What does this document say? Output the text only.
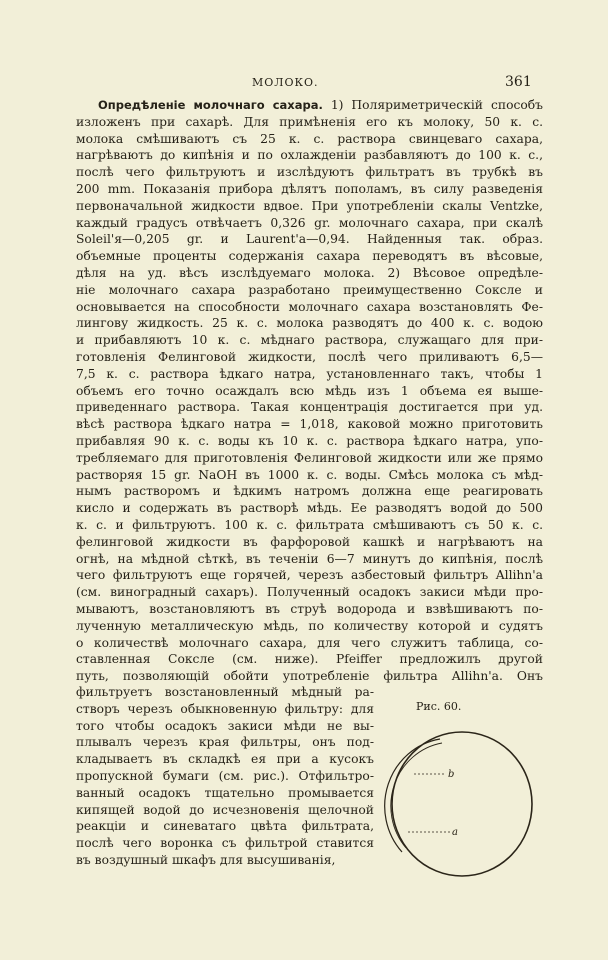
МОЛОКО.	361
Опредѣленіе молочнаго сахара. 1) Поляриметрическій способъ
изложенъ при сахарѣ. Для примѣненія его къ молоку, 50 к. с.
молока смѣшиваютъ съ 25 к. с. раствора свинцеваго сахара,
нагрѣваютъ до кипѣнія и по охлажденіи разбавляютъ до 100 к. с.,
послѣ чего фильтруютъ и изслѣдуютъ фильтратъ въ трубкѣ въ
200 mm. Показанія прибора дѣлятъ пополамъ, въ силу разведенія
первоначальной жидкости вдвое. При употребленіи скалы Ventzke,
каждый градусъ отвѣчаетъ 0,326 gr. молочнаго сахара, при скалѣ
Soleil'я—0,205 gr. и Laurent'а—0,94. Найденныя так. образ.
объемные проценты содержанія сахара переводятъ въ вѣсовые,
дѣля на уд. вѣсъ изслѣдуемаго молока. 2) Вѣсовое опредѣле-
ніе молочнаго сахара разработано преимущественно Сокслe и
основывается на способности молочнаго сахара возстановлять Фе-
лингову жидкость. 25 к. с. молока разводятъ до 400 к. с. водою
и прибавляютъ 10 к. с. мѣднаго раствора, служащаго для при-
готовленія Фелинговой жидкости, послѣ чего приливаютъ 6,5—
7,5 к. с. раствора ѣдкаго натра, установленнаго такъ, чтобы 1
объемъ его точно осаждалъ всю мѣдь изъ 1 объема ея выше-
приведеннаго раствора. Такая концентрація достигается при уд.
вѣсѣ раствора ѣдкаго натра = 1,018, каковой можно приготовить
прибавляя 90 к. с. воды къ 10 к. с. раствора ѣдкаго натра, упо-
требляемаго для приготовленія Фелинговой жидкости или же прямо
растворяя 15 gr. NaOH въ 1000 к. с. воды. Смѣсь молока съ мѣд-
нымъ растворомъ и ѣдкимъ натромъ должна еще реагировать
кисло и содержать въ растворѣ мѣдь. Ее разводятъ водой до 500
к. с. и фильтруютъ. 100 к. с. фильтрата смѣшиваютъ съ 50 к. с.
фелинговой жидкости въ фарфоровой кашкѣ и нагрѣваютъ на
огнѣ, на мѣдной сѣткѣ, въ теченіи 6—7 минутъ до кипѣнія, послѣ
чего фильтруютъ еще горячей, черезъ азбестовый фильтръ Allihn'а
(см. виноградный сахаръ). Полученный осадокъ закиси мѣди про-
мываютъ, возстановляютъ въ струѣ водорода и взвѣшиваютъ по-
лученную металлическую мѣдь, по количеству которой и судятъ
о количествѣ молочнаго сахара, для чего служитъ таблица, со-
ставленная Сокслe (см. ниже). Pfeiffer предложилъ другой
путь, позволяющій обойти употребленіе фильтра Allihn'а. Онъ
фильтруетъ возстановленный мѣдный ра-
створъ черезъ обыкновенную фильтру: для
того чтобы осадокъ закиси мѣди не вы-
плывалъ черезъ края фильтры, онъ под-
кладываетъ въ складкѣ ея при а кусокъ
пропускной бумаги (см. рис.). Отфильтро-
ванный осадокъ тщательно промывается
кипящей водой до исчезновенія щелочной
реакціи и синеватаго цвѣта фильтрата,
послѣ чего воронка съ фильтрой ставится
въ воздушный шкафъ для высушиванія,
Рис. 60.
b
a
